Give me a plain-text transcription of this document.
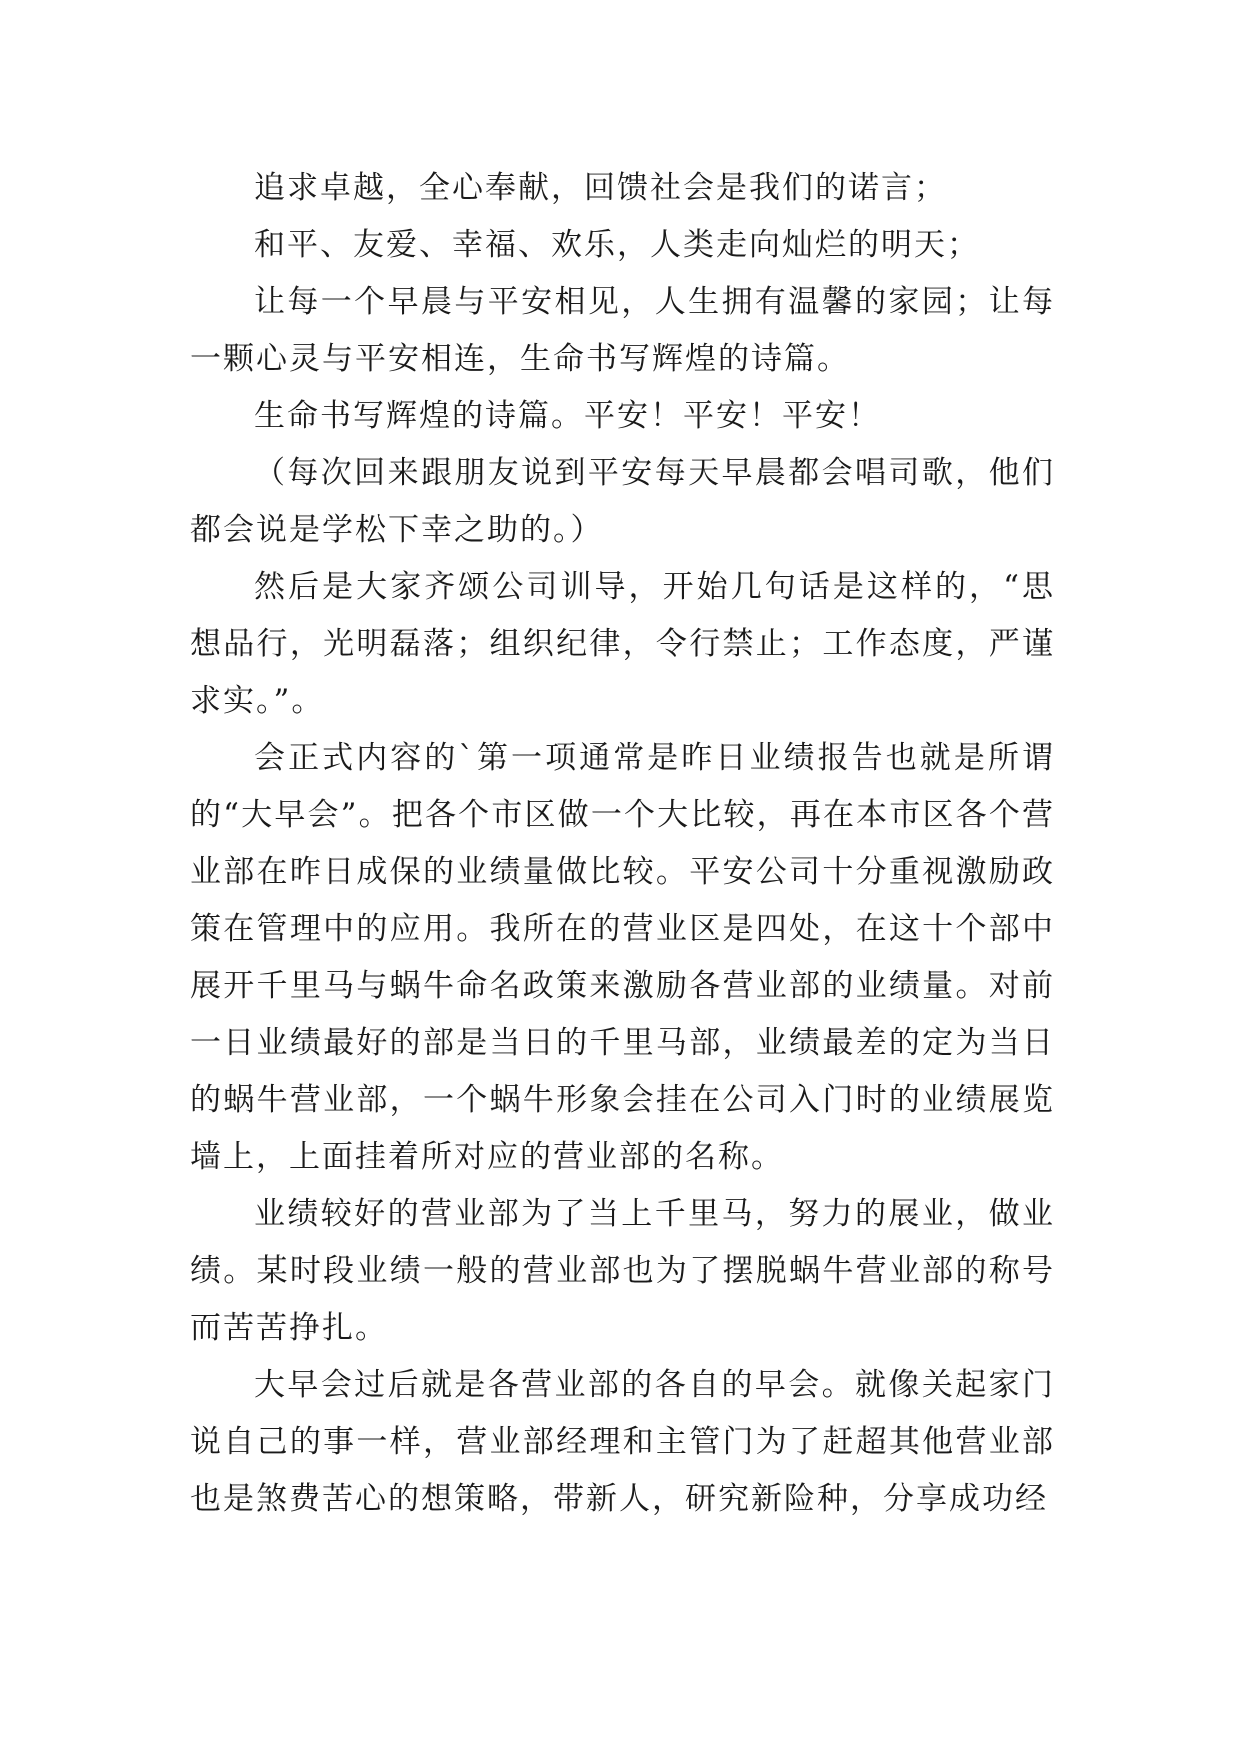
追求卓越，全心奉献，回馈社会是我们的诺言；

和平、友爱、幸福、欢乐，人类走向灿烂的明天；

让每一个早晨与平安相见，人生拥有温馨的家园；让每一颗心灵与平安相连，生命书写辉煌的诗篇。

生命书写辉煌的诗篇。平安！平安！平安！

（每次回来跟朋友说到平安每天早晨都会唱司歌，他们都会说是学松下幸之助的。）

然后是大家齐颂公司训导，开始几句话是这样的，“思想品行，光明磊落；组织纪律，令行禁止；工作态度，严谨求实。”。

会正式内容的`第一项通常是昨日业绩报告也就是所谓的“大早会”。把各个市区做一个大比较，再在本市区各个营业部在昨日成保的业绩量做比较。平安公司十分重视激励政策在管理中的应用。我所在的营业区是四处，在这十个部中展开千里马与蜗牛命名政策来激励各营业部的业绩量。对前一日业绩最好的部是当日的千里马部，业绩最差的定为当日的蜗牛营业部，一个蜗牛形象会挂在公司入门时的业绩展览墙上，上面挂着所对应的营业部的名称。

业绩较好的营业部为了当上千里马，努力的展业，做业绩。某时段业绩一般的营业部也为了摆脱蜗牛营业部的称号而苦苦挣扎。

大早会过后就是各营业部的各自的早会。就像关起家门说自己的事一样，营业部经理和主管门为了赶超其他营业部也是煞费苦心的想策略，带新人，研究新险种，分享成功经
